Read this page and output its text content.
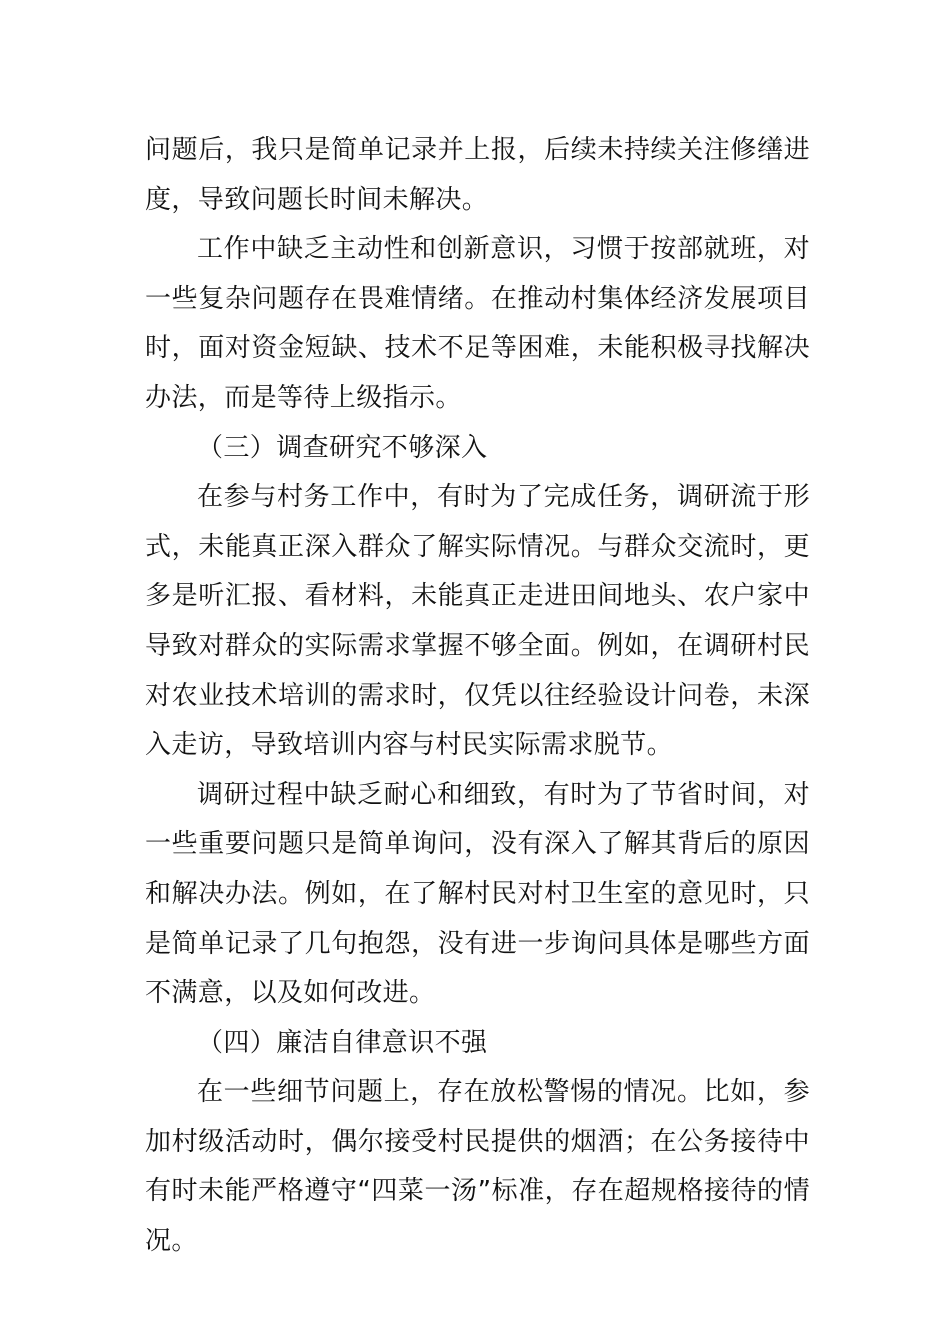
问题后，我只是简单记录并上报，后续未持续关注修缮进度，导致问题长时间未解决。

工作中缺乏主动性和创新意识，习惯于按部就班，对一些复杂问题存在畏难情绪。在推动村集体经济发展项目时，面对资金短缺、技术不足等困难，未能积极寻找解决办法，而是等待上级指示。

（三）调查研究不够深入

在参与村务工作中，有时为了完成任务，调研流于形式，未能真正深入群众了解实际情况。与群众交流时，更多是听汇报、看材料，未能真正走进田间地头、农户家中导致对群众的实际需求掌握不够全面。例如，在调研村民对农业技术培训的需求时，仅凭以往经验设计问卷，未深入走访，导致培训内容与村民实际需求脱节。

调研过程中缺乏耐心和细致，有时为了节省时间，对一些重要问题只是简单询问，没有深入了解其背后的原因和解决办法。例如，在了解村民对村卫生室的意见时，只是简单记录了几句抱怨，没有进一步询问具体是哪些方面不满意，以及如何改进。

（四）廉洁自律意识不强

在一些细节问题上，存在放松警惕的情况。比如，参加村级活动时，偶尔接受村民提供的烟酒；在公务接待中有时未能严格遵守“四菜一汤”标准，存在超规格接待的情况。
